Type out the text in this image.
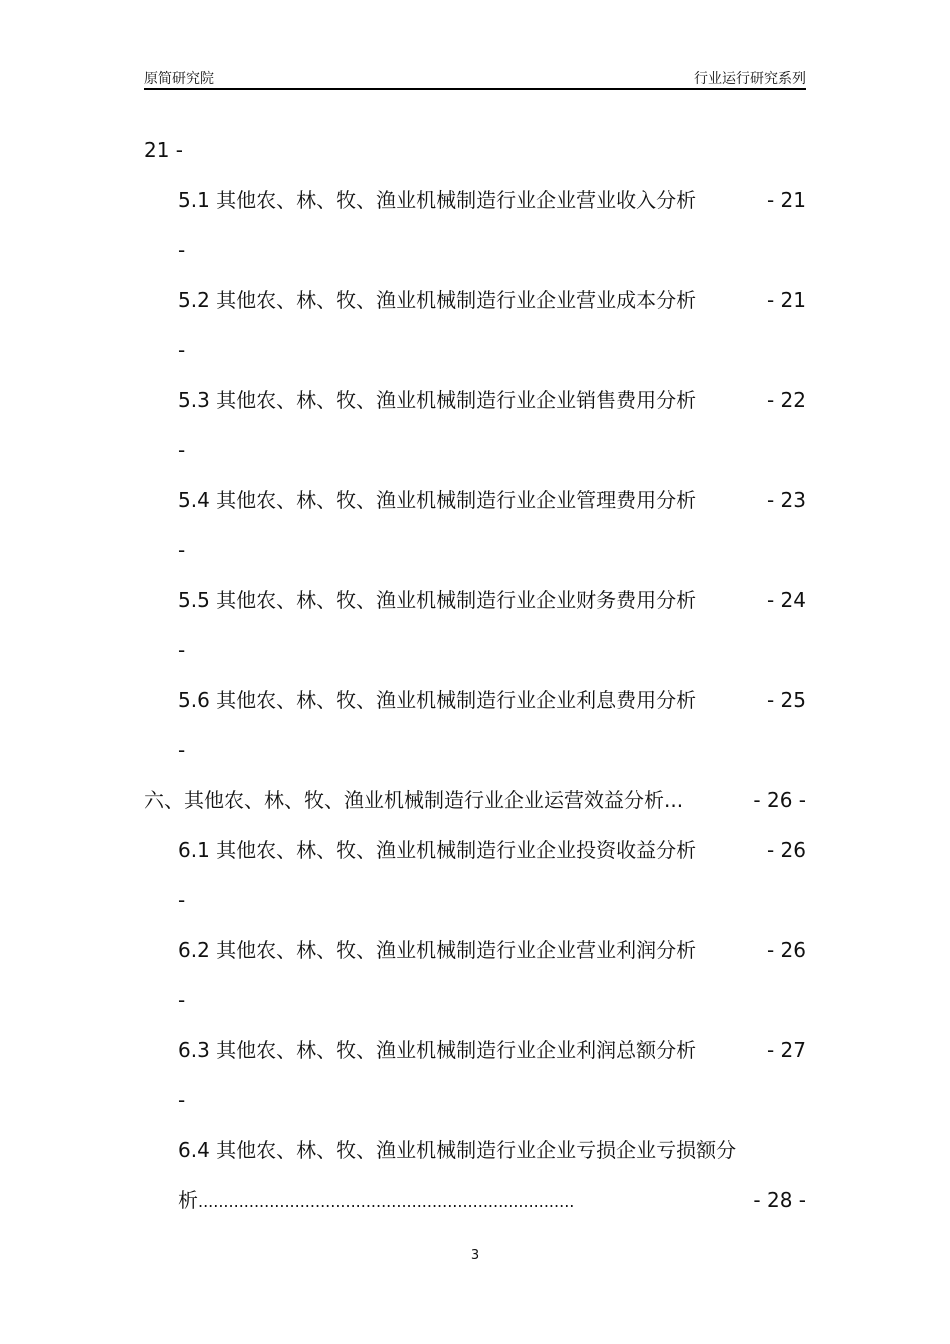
原简研究院	行业运行研究系列
21 -
5.1 其他农、林、牧、渔业机械制造行业企业营业收入分析	- 21
-
5.2 其他农、林、牧、渔业机械制造行业企业营业成本分析	- 21
-
5.3 其他农、林、牧、渔业机械制造行业企业销售费用分析	- 22
-
5.4 其他农、林、牧、渔业机械制造行业企业管理费用分析	- 23
-
5.5 其他农、林、牧、渔业机械制造行业企业财务费用分析	- 24
-
5.6 其他农、林、牧、渔业机械制造行业企业利息费用分析	- 25
-
六、其他农、林、牧、渔业机械制造行业企业运营效益分析...	- 26 -
6.1 其他农、林、牧、渔业机械制造行业企业投资收益分析	- 26
-
6.2 其他农、林、牧、渔业机械制造行业企业营业利润分析	- 26
-
6.3 其他农、林、牧、渔业机械制造行业企业利润总额分析	- 27
-
6.4 其他农、林、牧、渔业机械制造行业企业亏损企业亏损额分
析..........................................................................	- 28 -
3
